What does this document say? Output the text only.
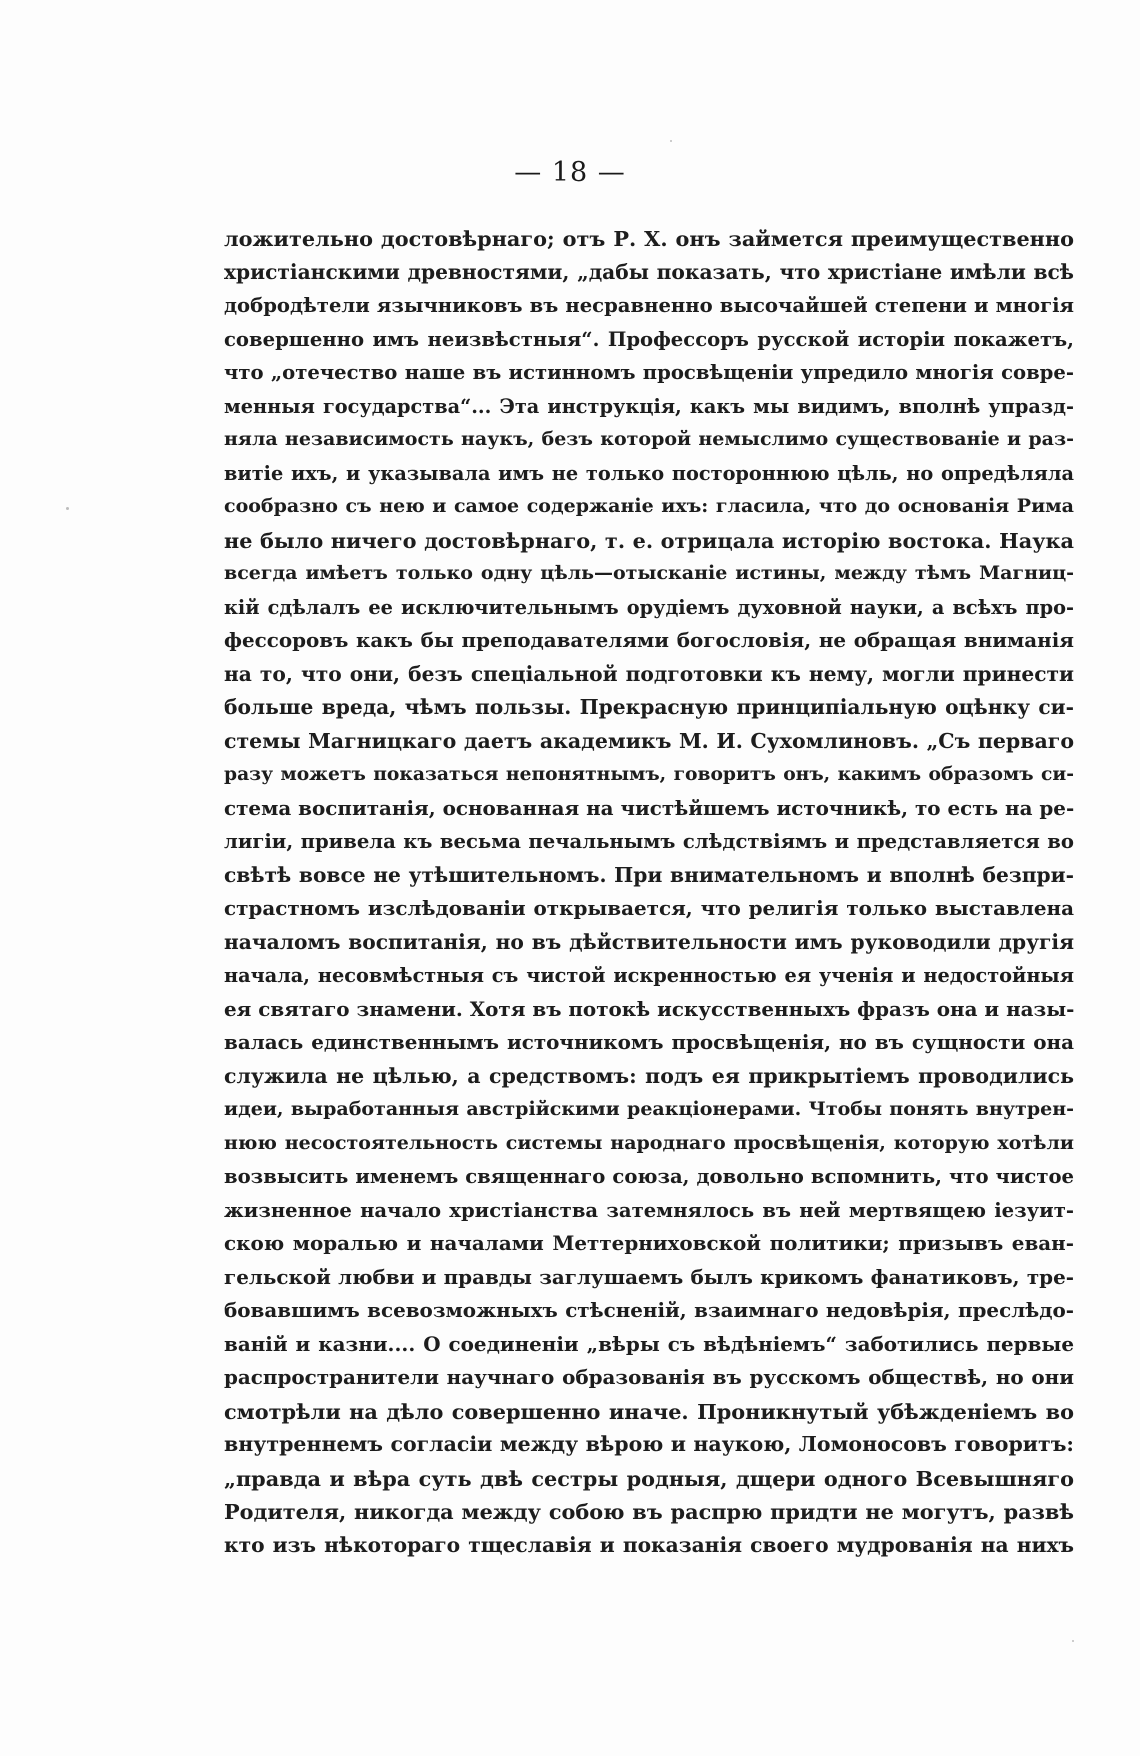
— 18 —
ложительно достовѣрнаго; отъ Р. X. онъ займется преимущественно
христіанскими древностями, „дабы показать, что христіане имѣли всѣ
добродѣтели язычниковъ въ несравненно высочайшей степени и многія
совершенно имъ неизвѣстныя“. Профессоръ русской исторіи покажетъ,
что „отечество наше въ истинномъ просвѣщеніи упредило многія совре-
менныя государства“... Эта инструкція, какъ мы видимъ, вполнѣ упразд-
няла независимость наукъ, безъ которой немыслимо существованіе и раз-
витіе ихъ, и указывала имъ не только постороннюю цѣль, но опредѣляла
сообразно съ нею и самое содержаніе ихъ: гласила, что до основанія Рима
не было ничего достовѣрнаго, т. е. отрицала исторію востока. Наука
всегда имѣетъ только одну цѣль—отысканіе истины, между тѣмъ Магниц-
кій сдѣлалъ ее исключительнымъ орудіемъ духовной науки, а всѣхъ про-
фессоровъ какъ бы преподавателями богословія, не обращая вниманія
на то, что они, безъ спеціальной подготовки къ нему, могли принести
больше вреда, чѣмъ пользы. Прекрасную принципіальную оцѣнку си-
стемы Магницкаго даетъ академикъ М. И. Сухомлиновъ. „Съ перваго
разу можетъ показаться непонятнымъ, говоритъ онъ, какимъ образомъ си-
стема воспитанія, основанная на чистѣйшемъ источникѣ, то есть на ре-
лигіи, привела къ весьма печальнымъ слѣдствіямъ и представляется во
свѣтѣ вовсе не утѣшительномъ. При внимательномъ и вполнѣ безпри-
страстномъ изслѣдованіи открывается, что религія только выставлена
началомъ воспитанія, но въ дѣйствительности имъ руководили другія
начала, несовмѣстныя съ чистой искренностью ея ученія и недостойныя
ея святаго знамени. Хотя въ потокѣ искусственныхъ фразъ она и назы-
валась единственнымъ источникомъ просвѣщенія, но въ сущности она
служила не цѣлью, а средствомъ: подъ ея прикрытіемъ проводились
идеи, выработанныя австрійскими реакціонерами. Чтобы понять внутрен-
нюю несостоятельность системы народнаго просвѣщенія, которую хотѣли
возвысить именемъ священнаго союза, довольно вспомнить, что чистое
жизненное начало христіанства затемнялось въ ней мертвящею іезуит-
скою моралью и началами Меттерниховской политики; призывъ еван-
гельской любви и правды заглушаемъ былъ крикомъ фанатиковъ, тре-
бовавшимъ всевозможныхъ стѣсненій, взаимнаго недовѣрія, преслѣдо-
ваній и казни.... О соединеніи „вѣры съ вѣдѣніемъ“ заботились первые
распространители научнаго образованія въ русскомъ обществѣ, но они
смотрѣли на дѣло совершенно иначе. Проникнутый убѣжденіемъ во
внутреннемъ согласіи между вѣрою и наукою, Ломоносовъ говоритъ:
„правда и вѣра суть двѣ сестры родныя, дщери одного Всевышняго
Родителя, никогда между собою въ распрю придти не могутъ, развѣ
кто изъ нѣкотораго тщеславія и показанія своего мудрованія на нихъ
